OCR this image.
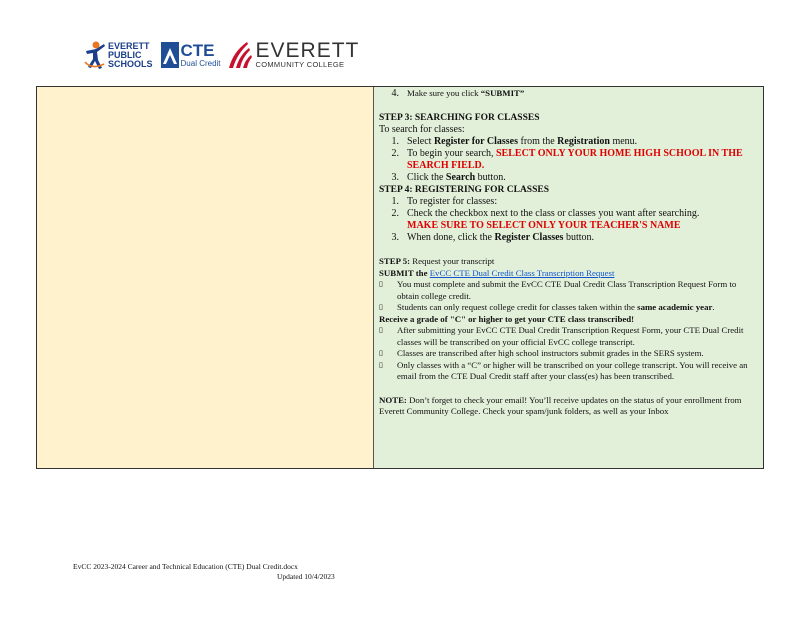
EVERETT
PUBLIC
SCHOOLS
CTE
Dual Credit
EVERETT
COMMUNITY COLLEGE
4. Make sure you click “SUBMIT”
STEP 3: SEARCHING FOR CLASSES
To search for classes:
1. Select Register for Classes from the Registration menu.
2. To begin your search, SELECT ONLY YOUR HOME HIGH SCHOOL IN THE SEARCH FIELD.
3. Click the Search button.
STEP 4: REGISTERING FOR CLASSES
1. To register for classes:
2. Check the checkbox next to the class or classes you want after searching.
MAKE SURE TO SELECT ONLY YOUR TEACHER'S NAME
3. When done, click the Register Classes button.
STEP 5: Request your transcript
SUBMIT the EvCC CTE Dual Credit Class Transcription Request
▯	You must complete and submit the EvCC CTE Dual Credit Class Transcription Request Form to obtain college credit.
▯	Students can only request college credit for classes taken within the same academic year.
Receive a grade of "C" or higher to get your CTE class transcribed!
▯	After submitting your EvCC CTE Dual Credit Transcription Request Form, your CTE Dual Credit classes will be transcribed on your official EvCC college transcript.
▯	Classes are transcribed after high school instructors submit grades in the SERS system.
▯	Only classes with a “C” or higher will be transcribed on your college transcript. You will receive an email from the CTE Dual Credit staff after your class(es) has been transcribed.
NOTE: Don’t forget to check your email! You’ll receive updates on the status of your enrollment from Everett Community College. Check your spam/junk folders, as well as your Inbox
EvCC 2023-2024 Career and Technical Education (CTE) Dual Credit.docx
Updated 10/4/2023
